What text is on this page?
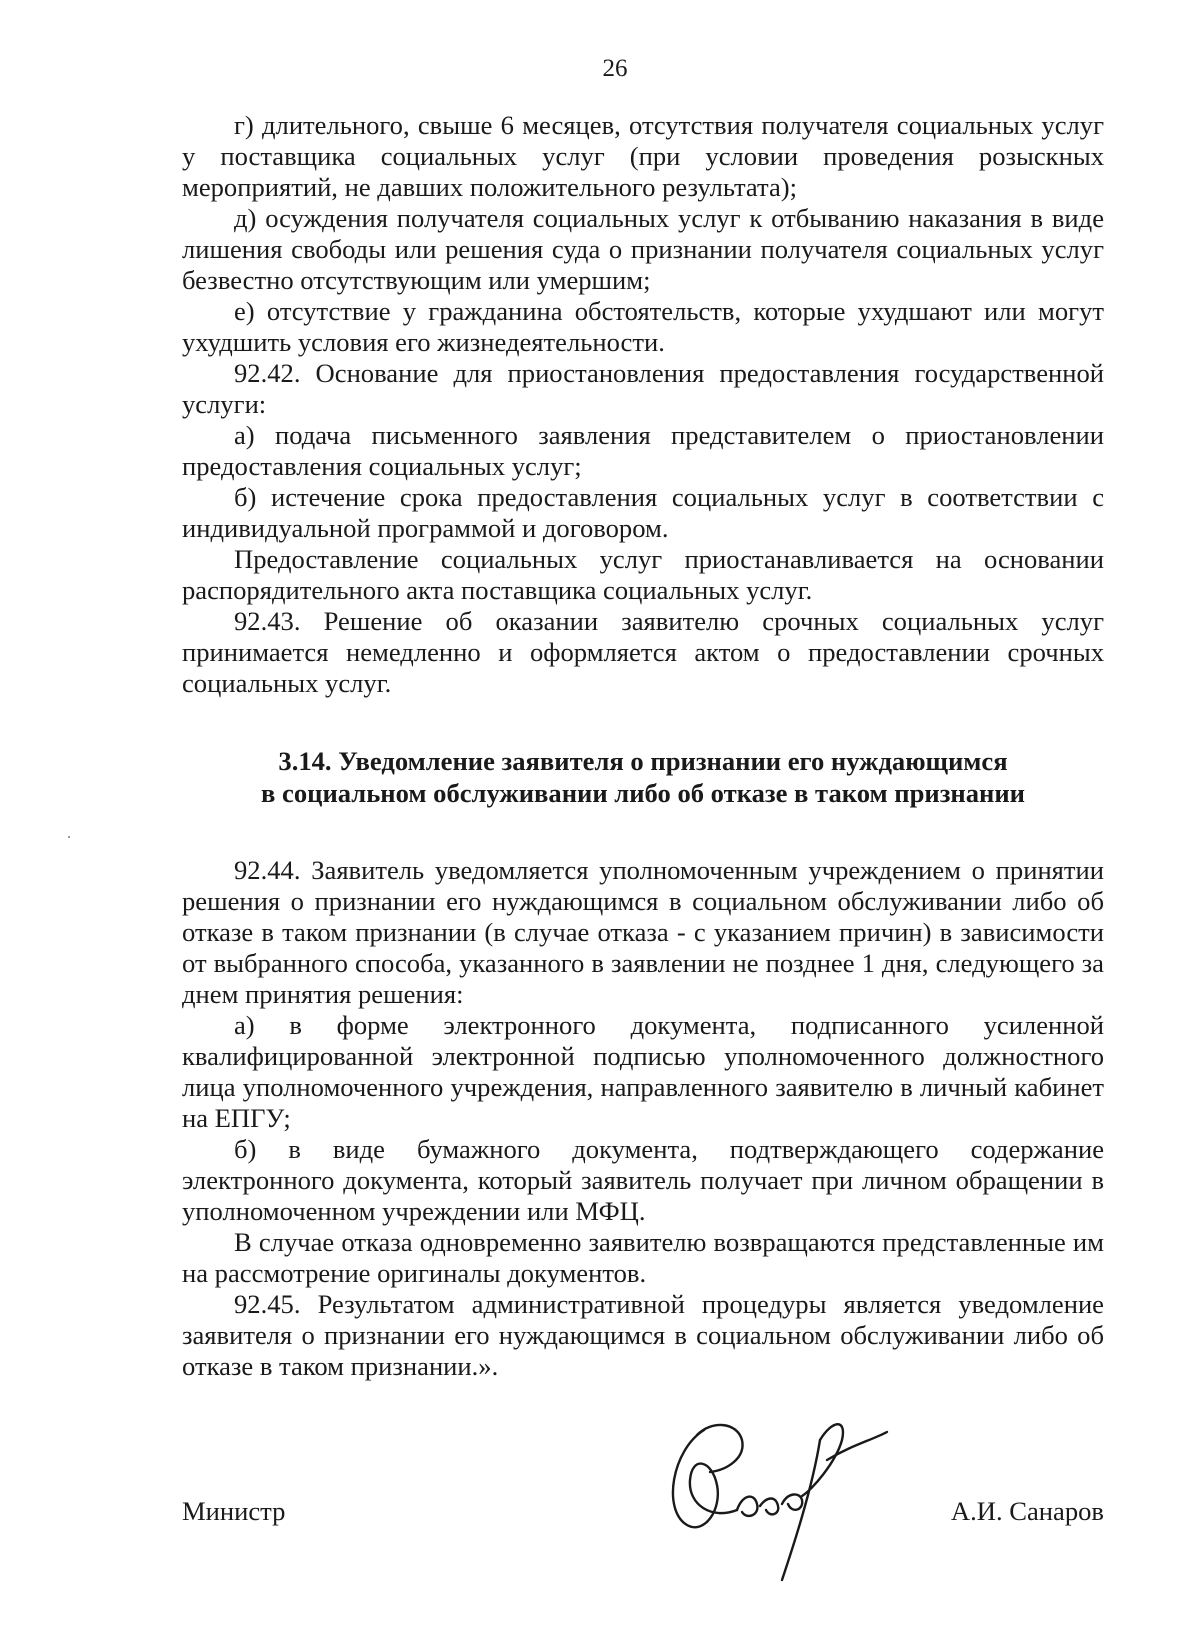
26

г) длительного, свыше 6 месяцев, отсутствия получателя социальных услуг у поставщика социальных услуг (при условии проведения розыскных мероприятий, не давших положительного результата);

д) осуждения получателя социальных услуг к отбыванию наказания в виде лишения свободы или решения суда о признании получателя социальных услуг безвестно отсутствующим или умершим;

е) отсутствие у гражданина обстоятельств, которые ухудшают или могут ухудшить условия его жизнедеятельности.

92.42. Основание для приостановления предоставления государственной услуги:

а) подача письменного заявления представителем о приостановлении предоставления социальных услуг;

б) истечение срока предоставления социальных услуг в соответствии с индивидуальной программой и договором.

Предоставление социальных услуг приостанавливается на основании распорядительного акта поставщика социальных услуг.

92.43. Решение об оказании заявителю срочных социальных услуг принимается немедленно и оформляется актом о предоставлении срочных социальных услуг.

3.14. Уведомление заявителя о признании его нуждающимся
в социальном обслуживании либо об отказе в таком признании

92.44. Заявитель уведомляется уполномоченным учреждением о принятии решения о признании его нуждающимся в социальном обслуживании либо об отказе в таком признании (в случае отказа - с указанием причин) в зависимости от выбранного способа, указанного в заявлении не позднее 1 дня, следующего за днем принятия решения:

а) в форме электронного документа, подписанного усиленной квалифицированной электронной подписью уполномоченного должностного лица уполномоченного учреждения, направленного заявителю в личный кабинет на ЕПГУ;

б) в виде бумажного документа, подтверждающего содержание электронного документа, который заявитель получает при личном обращении в уполномоченном учреждении или МФЦ.

В случае отказа одновременно заявителю возвращаются представленные им на рассмотрение оригиналы документов.

92.45. Результатом административной процедуры является уведомление заявителя о признании его нуждающимся в социальном обслуживании либо об отказе в таком признании.».

Министр	А.И. Санаров
